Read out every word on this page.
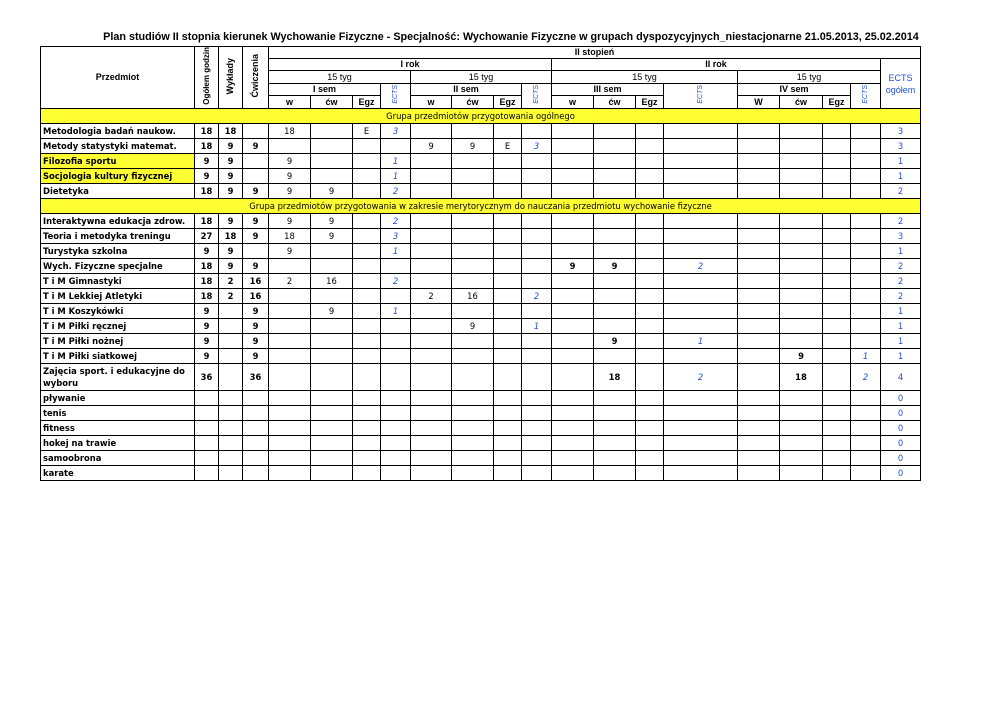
Plan studiów II stopnia kierunek Wychowanie Fizyczne - Specjalność: Wychowanie Fizyczne w grupach dyspozycyjnych_niestacjonarne 21.05.2013, 25.02.2014
Przedmiot	Ogółem godzin	Wykłady	Ćwiczenia	II stopień																
				I rok								II rok								ECTS ogółem
				15 tyg				15 tyg				15 tyg				15 tyg				
				I sem			ECTS	II sem			ECTS	III sem			ECTS	IV sem			ECTS	
				w	ćw	Egz		w	ćw	Egz		w	ćw	Egz		W	ćw	Egz		
Grupa przedmiotów przygotowania ogólnego																				
Metodologia badań naukow.	18	18		18		E	3													3
Metody statystyki matemat.	18	9	9					9	9	E	3									3
Filozofia sportu	9	9		9			1													1
Socjologia kultury fizycznej	9	9		9			1													1
Dietetyka	18	9	9	9	9		2													2
Grupa przedmiotów przygotowania w zakresie merytorycznym do nauczania przedmiotu wychowanie fizyczne																				
Interaktywna edukacja zdrow.	18	9	9	9	9		2													2
Teoria i metodyka treningu	27	18	9	18	9		3													3
Turystyka szkolna	9	9		9			1													1
Wych. Fizyczne specjalne	18	9	9									9	9		2					2
T i M Gimnastyki	18	2	16	2	16		2													2
T i M Lekkiej Atletyki	18	2	16					2	16		2									2
T i M Koszykówki	9		9		9		1													1
T i M Piłki ręcznej	9		9						9		1									1
T i M Piłki nożnej	9		9										9		1					1
T i M Piłki siatkowej	9		9														9		1	1
Zajęcia sport. i edukacyjne do wyboru	36		36										18		2		18		2	4
pływanie																				0
tenis																				0
fitness																				0
hokej na trawie																				0
samoobrona																				0
karate																				0
